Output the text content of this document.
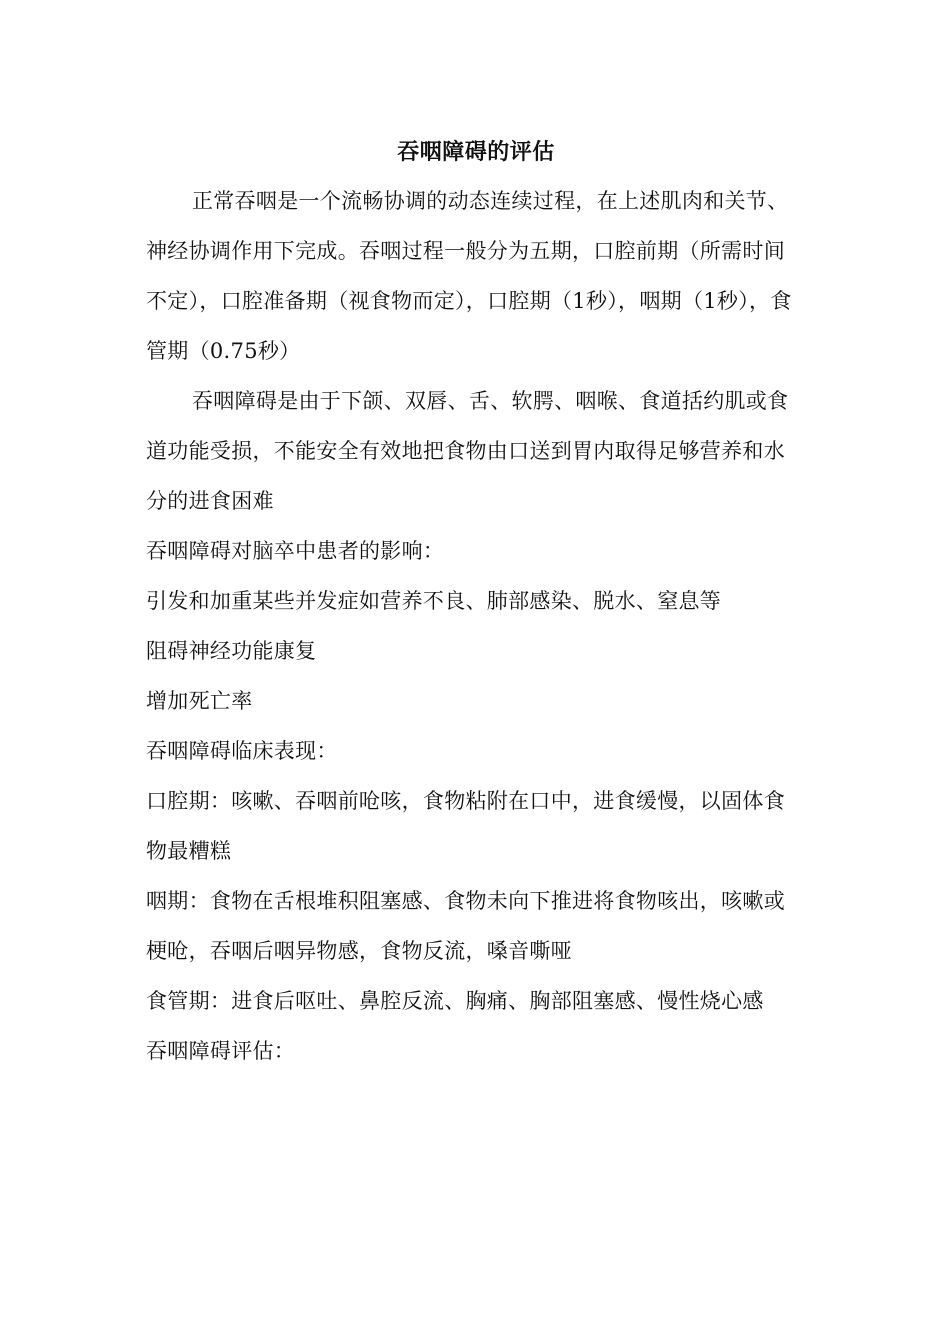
吞咽障碍的评估

正常吞咽是一个流畅协调的动态连续过程，在上述肌肉和关节、神经协调作用下完成。吞咽过程一般分为五期，口腔前期（所需时间不定），口腔准备期（视食物而定），口腔期（1秒），咽期（1秒），食管期（0.75秒）

吞咽障碍是由于下颌、双唇、舌、软腭、咽喉、食道括约肌或食道功能受损，不能安全有效地把食物由口送到胃内取得足够营养和水分的进食困难

吞咽障碍对脑卒中患者的影响：

引发和加重某些并发症如营养不良、肺部感染、脱水、窒息等

阻碍神经功能康复

增加死亡率

吞咽障碍临床表现：

口腔期：咳嗽、吞咽前呛咳，食物粘附在口中，进食缓慢，以固体食物最糟糕

咽期：食物在舌根堆积阻塞感、食物未向下推进将食物咳出，咳嗽或梗呛，吞咽后咽异物感，食物反流，嗓音嘶哑

食管期：进食后呕吐、鼻腔反流、胸痛、胸部阻塞感、慢性烧心感

吞咽障碍评估：
